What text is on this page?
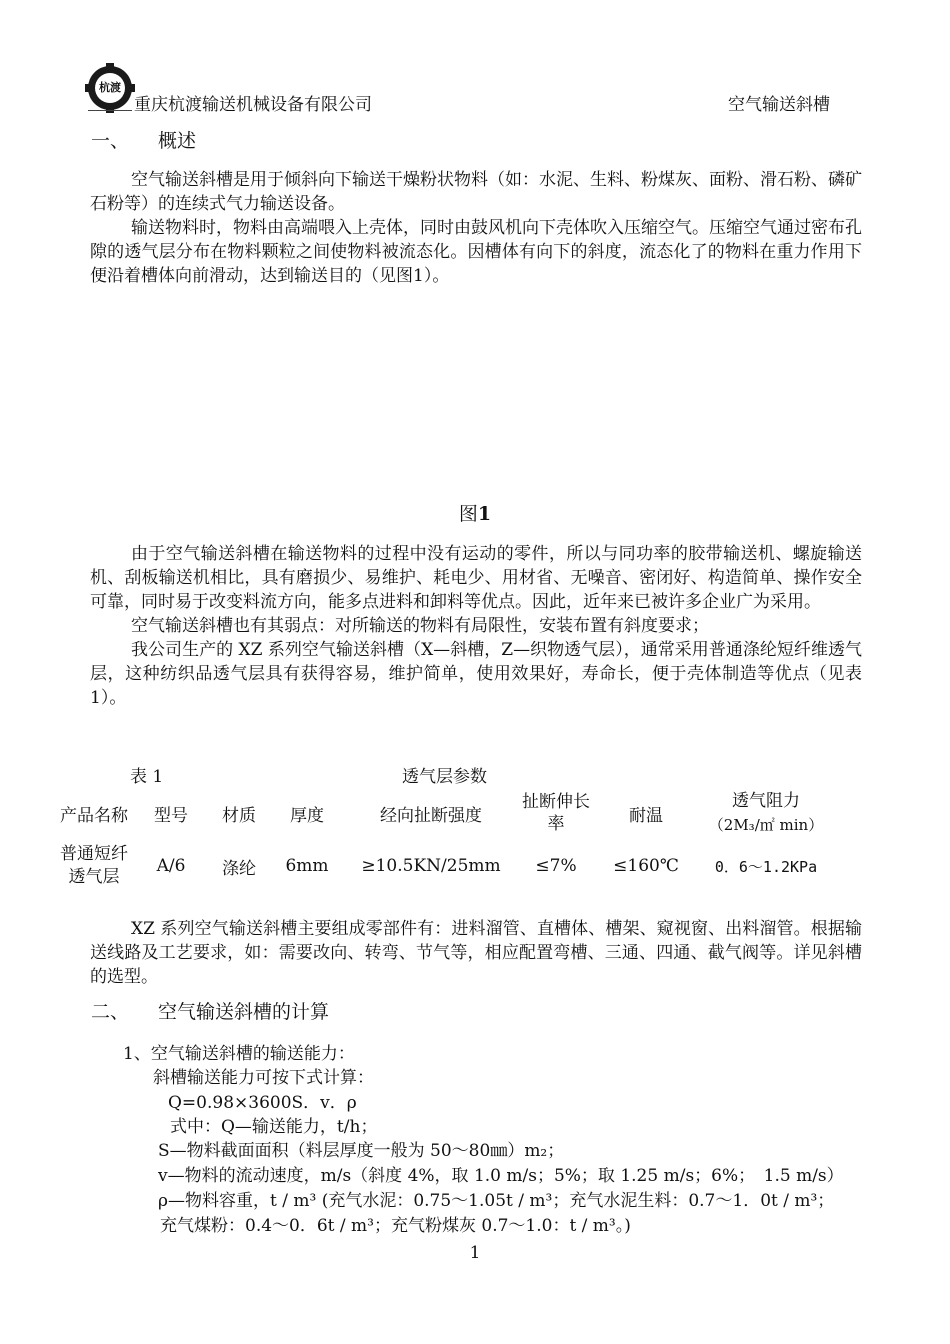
杭渡
重庆杭渡输送机械设备有限公司	空气输送斜槽
一、 概述

空气输送斜槽是用于倾斜向下输送干燥粉状物料（如：水泥、生料、粉煤灰、面粉、滑石粉、磷矿石粉等）的连续式气力输送设备。

输送物料时，物料由高端喂入上壳体，同时由鼓风机向下壳体吹入压缩空气。压缩空气通过密布孔隙的透气层分布在物料颗粒之间使物料被流态化。因槽体有向下的斜度，流态化了的物料在重力作用下便沿着槽体向前滑动，达到输送目的（见图1）。

图1

由于空气输送斜槽在输送物料的过程中没有运动的零件，所以与同功率的胶带输送机、螺旋输送机、刮板输送机相比，具有磨损少、易维护、耗电少、用材省、无噪音、密闭好、构造简单、操作安全可靠，同时易于改变料流方向，能多点进料和卸料等优点。因此，近年来已被许多企业广为采用。

空气输送斜槽也有其弱点：对所输送的物料有局限性，安装布置有斜度要求；

我公司生产的 XZ 系列空气输送斜槽（X—斜槽，Z—织物透气层），通常采用普通涤纶短纤维透气层，这种纺织品透气层具有获得容易，维护简单，使用效果好，寿命长，便于壳体制造等优点（见表 1）。

表 1	透气层参数
产品名称	型号	材质	厚度	经向扯断强度	扯断伸长率	耐温	透气阻力
（2M₃/㎡ min）

普通短纤透气层	A/6	涤纶	6mm	≥10.5KN/25mm	≤7%	≤160℃	0．6～1.2KPa

XZ 系列空气输送斜槽主要组成零部件有：进料溜管、直槽体、槽架、窥视窗、出料溜管。根据输送线路及工艺要求，如：需要改向、转弯、节气等，相应配置弯槽、三通、四通、截气阀等。详见斜槽的选型。

二、 空气输送斜槽的计算
1、空气输送斜槽的输送能力：
斜槽输送能力可按下式计算：
Q=0.98×3600S．v．ρ
式中：Q—输送能力，t/h；
S—物料截面面积（料层厚度一般为 50～80㎜）m₂；
v—物料的流动速度，m/s（斜度 4%，取 1.0 m/s；5%；取 1.25 m/s；6%；　1.5 m/s）
ρ—物料容重，t / m³ (充气水泥：0.75～1.05t / m³；充气水泥生料：0.7～1．0t / m³；
充气煤粉：0.4～0．6t / m³；充气粉煤灰 0.7～1.0：t / m³。)
1
